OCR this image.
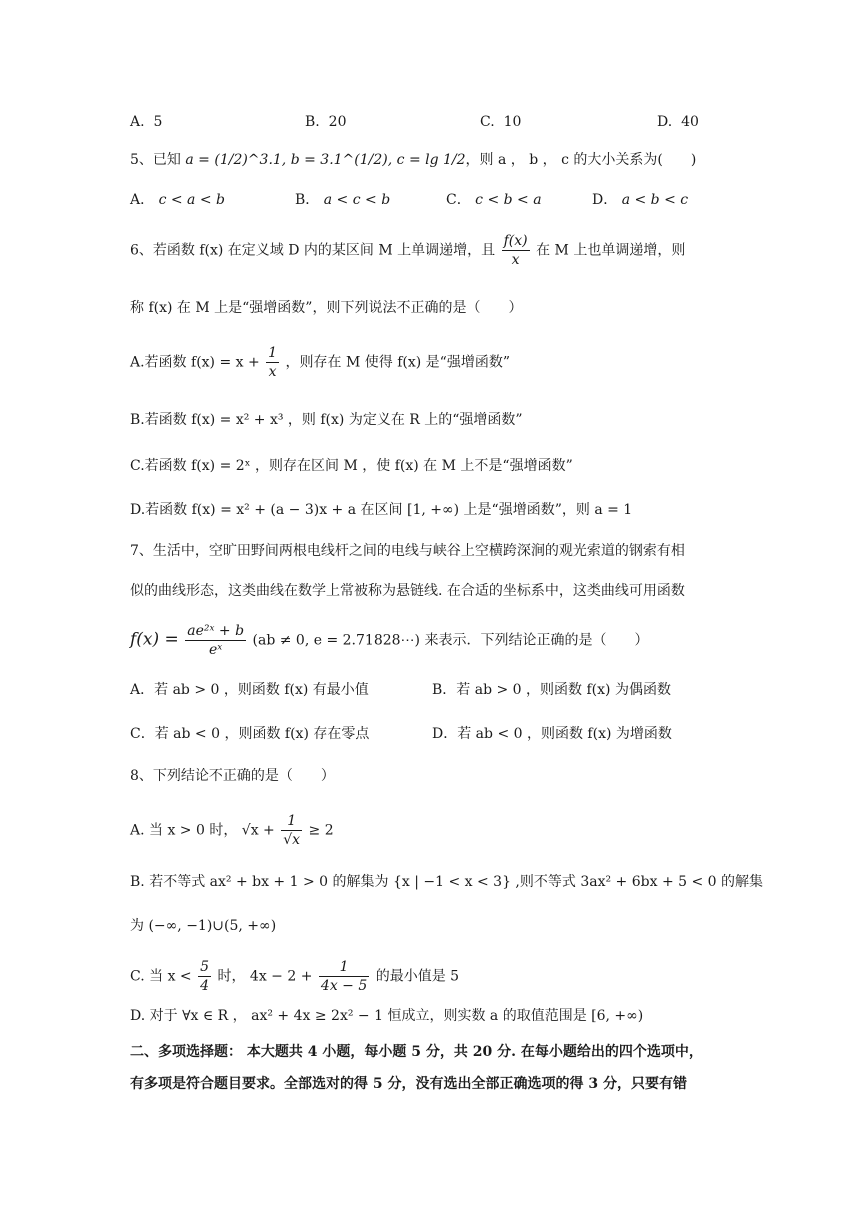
A. 5	B. 20	C. 10	D. 40
5、已知 a = (1/2)^3.1, b = 3.1^(1/2), c = lg 1/2，则 a ， b ， c 的大小关系为(　　)
A． c < a < b	B． a < c < b	C． c < b < a	D． a < b < c
6、若函数 f(x) 在定义域 D 内的某区间 M 上单调递增，且 $\frac{f(x)}{x}$ 在 M 上也单调递增，则
称 f(x) 在 M 上是“强增函数”，则下列说法不正确的是（　　）
A.若函数 $f(x) = x + \frac{1}{x}$ ，则存在 M 使得 f(x) 是“强增函数”
B.若函数 f(x) = x² + x³ ，则 f(x) 为定义在 R 上的“强增函数”
C.若函数 f(x) = 2ˣ ，则存在区间 M ，使 f(x) 在 M 上不是“强增函数”
D.若函数 f(x) = x² + (a − 3)x + a 在区间 [1, +∞) 上是“强增函数”，则 a = 1
7、生活中，空旷田野间两根电线杆之间的电线与峡谷上空横跨深涧的观光索道的钢索有相
似的曲线形态，这类曲线在数学上常被称为悬链线. 在合适的坐标系中，这类曲线可用函数
$f(x) = \frac{\text{ae²ˣ + b}}{\text{eˣ}} (ab \ne 0$, e = 2.71828⋯) 来表示．下列结论正确的是（　　）
A．若 ab > 0 ，则函数 f(x) 有最小值	B．若 ab > 0 ，则函数 f(x) 为偶函数
C．若 ab < 0 ，则函数 f(x) 存在零点	D．若 ab < 0 ，则函数 f(x) 为增函数
8、下列结论不正确的是（　　）
A. 当 x > 0 时， $√x + \frac{1}{√x} \ge 2$
B. 若不等式 ax² + bx + 1 > 0 的解集为 {x | −1 < x < 3} ,则不等式 3ax² + 6bx + 5 < 0 的解集
为 (−∞, −1)∪(5, +∞)
C. 当 $x < \frac{5}{4}$ 时， $4x - 2 + \frac{1}{4x - 5}$ 的最小值是 5
D. 对于 ∀x ∈ R ， ax² + 4x ≥ 2x² − 1 恒成立，则实数 a 的取值范围是 [6, +∞)
二、多项选择题： 本大题共 4 小题，每小题 5 分，共 20 分. 在每小题给出的四个选项中，
有多项是符合题目要求。全部选对的得 5 分，没有选出全部正确选项的得 3 分，只要有错
